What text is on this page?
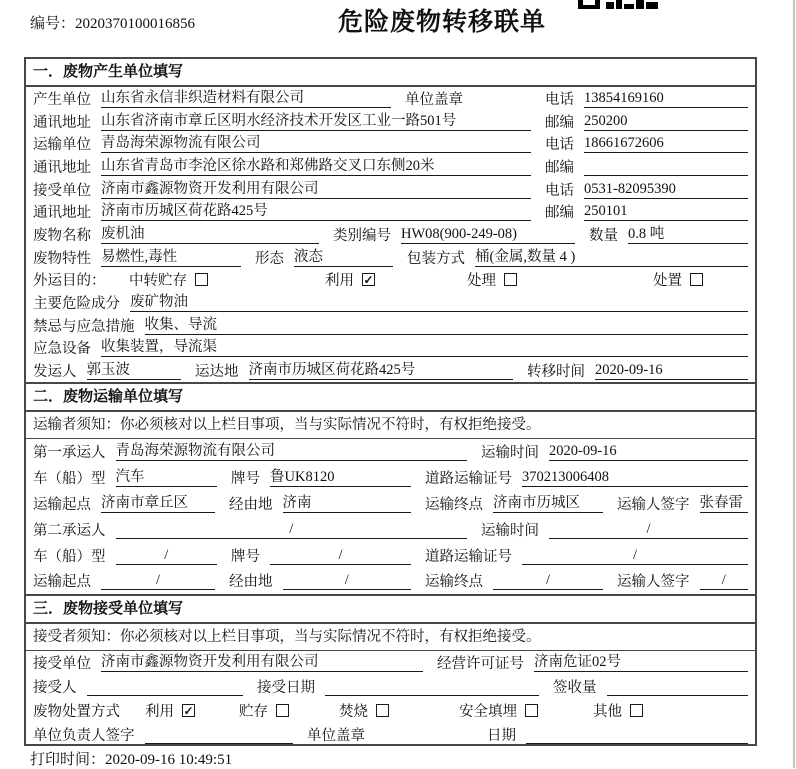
编号：2020370100016856	危险废物转移联单
一．废物产生单位填写
产生单位 山东省永信非织造材料有限公司	单位盖章	电话 13854169160
通讯地址 山东省济南市章丘区明水经济技术开发区工业一路501号	邮编 250200
运输单位 青岛海荣源物流有限公司	电话 18661672606
通讯地址 山东省青岛市李沧区徐水路和郑佛路交叉口东侧20米	邮编
接受单位 济南市鑫源物资开发利用有限公司	电话 0531-82095390
通讯地址 济南市历城区荷花路425号	邮编 250101
废物名称 废机油	类别编号 HW08(900-249-08)	数量 0.8 吨
废物特性 易燃性,毒性	形态 液态	包装方式 桶(金属,数量 4 )
外运目的：	中转贮存	利用 ✓	处理	处置
主要危险成分 废矿物油
禁忌与应急措施 收集、导流
应急设备 收集装置，导流渠
发运人 郭玉波	运达地 济南市历城区荷花路425号	转移时间 2020-09-16
二．废物运输单位填写
运输者须知：你必须核对以上栏目事项，当与实际情况不符时，有权拒绝接受。
第一承运人 青岛海荣源物流有限公司	运输时间 2020-09-16
车（船）型 汽车	牌号 鲁UK8120	道路运输证号 370213006408
运输起点 济南市章丘区	经由地 济南	运输终点 济南市历城区	运输人签字 张春雷
第二承运人	/	运输时间	/
车（船）型	/	牌号	/	道路运输证号	/
运输起点	/	经由地	/	运输终点	/	运输人签字	/
三．废物接受单位填写
接受者须知：你必须核对以上栏目事项，当与实际情况不符时，有权拒绝接受。
接受单位 济南市鑫源物资开发利用有限公司	经营许可证号 济南危证02号
接受人	接受日期	签收量
废物处置方式	利用 ✓	贮存	焚烧	安全填埋	其他
单位负责人签字	单位盖章	日期
打印时间：2020-09-16 10:49:51
